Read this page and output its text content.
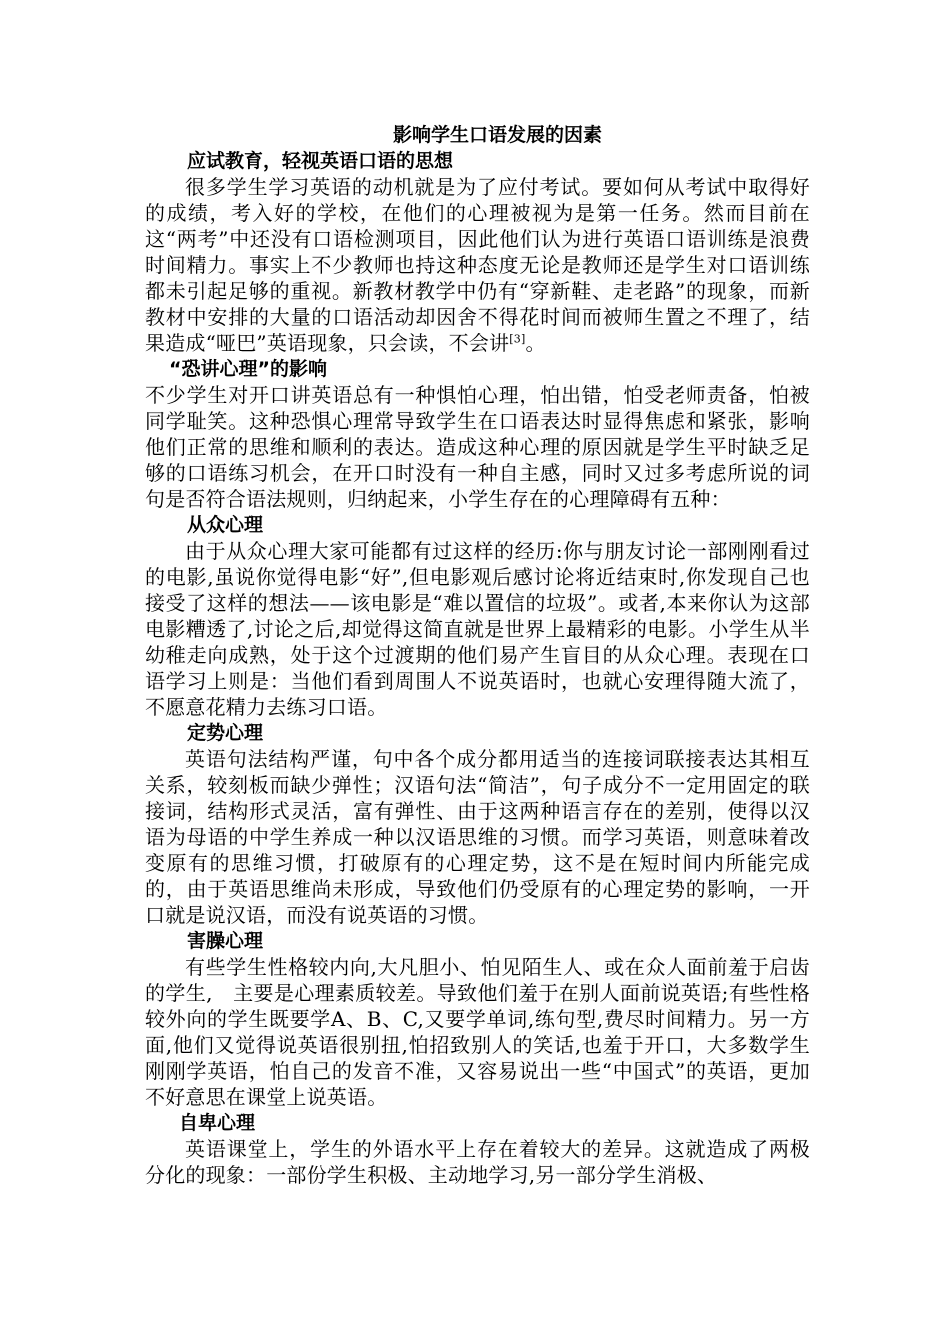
影响学生口语发展的因素
应试教育，轻视英语口语的思想

很多学生学习英语的动机就是为了应付考试。要如何从考试中取得好的成绩，考入好的学校，在他们的心理被视为是第一任务。然而目前在这“两考”中还没有口语检测项目，因此他们认为进行英语口语训练是浪费时间精力。事实上不少教师也持这种态度无论是教师还是学生对口语训练都未引起足够的重视。新教材教学中仍有“穿新鞋、走老路”的现象，而新教材中安排的大量的口语活动却因舍不得花时间而被师生置之不理了，结果造成“哑巴”英语现象，只会读，不会讲[3]。

“恐讲心理”的影响

不少学生对开口讲英语总有一种惧怕心理，怕出错，怕受老师责备，怕被同学耻笑。这种恐惧心理常导致学生在口语表达时显得焦虑和紧张，影响他们正常的思维和顺利的表达。造成这种心理的原因就是学生平时缺乏足够的口语练习机会，在开口时没有一种自主感，同时又过多考虑所说的词句是否符合语法规则，归纳起来，小学生存在的心理障碍有五种：

从众心理

由于从众心理大家可能都有过这样的经历:你与朋友讨论一部刚刚看过的电影,虽说你觉得电影“好”,但电影观后感讨论将近结束时,你发现自己也接受了这样的想法——该电影是“难以置信的垃圾”。或者,本来你认为这部电影糟透了,讨论之后,却觉得这简直就是世界上最精彩的电影。小学生从半幼稚走向成熟，处于这个过渡期的他们易产生盲目的从众心理。表现在口语学习上则是：当他们看到周围人不说英语时，也就心安理得随大流了，不愿意花精力去练习口语。

定势心理

英语句法结构严谨，句中各个成分都用适当的连接词联接表达其相互关系，较刻板而缺少弹性；汉语句法“简洁”，句子成分不一定用固定的联接词，结构形式灵活，富有弹性、由于这两种语言存在的差别，使得以汉语为母语的中学生养成一种以汉语思维的习惯。而学习英语，则意味着改变原有的思维习惯，打破原有的心理定势，这不是在短时间内所能完成的，由于英语思维尚未形成，导致他们仍受原有的心理定势的影响，一开口就是说汉语，而没有说英语的习惯。

害臊心理

有些学生性格较内向,大凡胆小、怕见陌生人、或在众人面前羞于启齿的学生,　主要是心理素质较差。导致他们羞于在别人面前说英语;有些性格较外向的学生既要学A、B、C,又要学单词,练句型,费尽时间精力。另一方面,他们又觉得说英语很别扭,怕招致别人的笑话,也羞于开口，大多数学生刚刚学英语，怕自己的发音不准，又容易说出一些“中国式”的英语，更加不好意思在课堂上说英语。

自卑心理

英语课堂上，学生的外语水平上存在着较大的差异。这就造成了两极分化的现象：一部份学生积极、主动地学习,另一部分学生消极、
